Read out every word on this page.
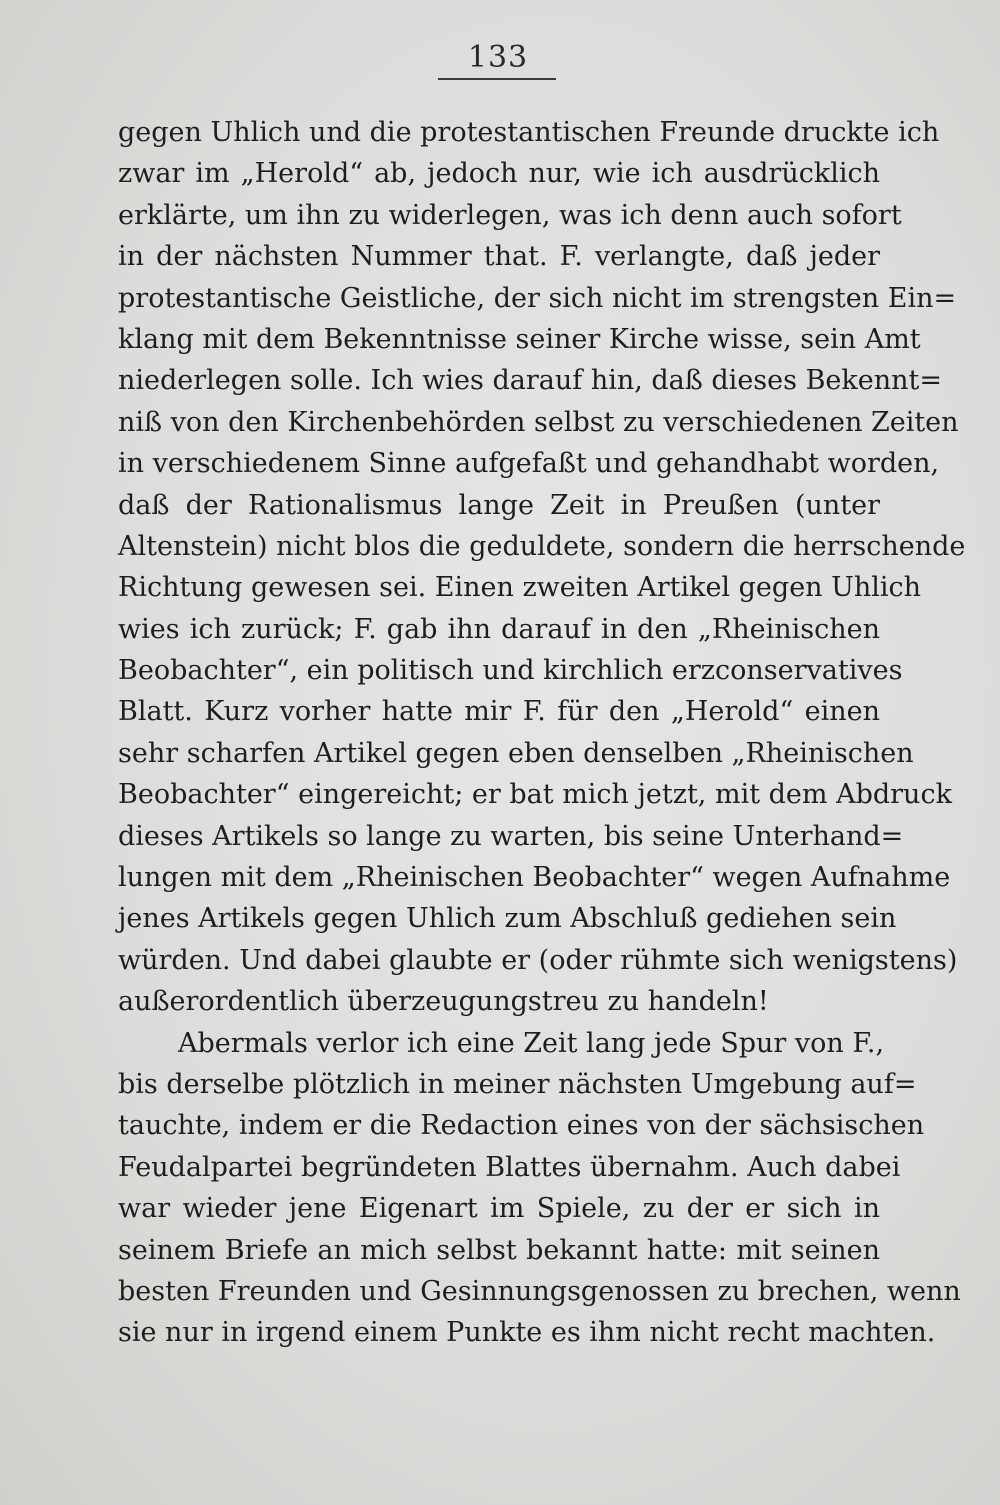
133
gegen Uhlich und die protestantischen Freunde druckte ich
zwar im „Herold“ ab, jedoch nur, wie ich ausdrücklich
erklärte, um ihn zu widerlegen, was ich denn auch sofort
in der nächsten Nummer that. F. verlangte, daß jeder
protestantische Geistliche, der sich nicht im strengsten Ein=
klang mit dem Bekenntnisse seiner Kirche wisse, sein Amt
niederlegen solle. Ich wies darauf hin, daß dieses Bekennt=
niß von den Kirchenbehörden selbst zu verschiedenen Zeiten
in verschiedenem Sinne aufgefaßt und gehandhabt worden,
daß der Rationalismus lange Zeit in Preußen (unter
Altenstein) nicht blos die geduldete, sondern die herrschende
Richtung gewesen sei. Einen zweiten Artikel gegen Uhlich
wies ich zurück; F. gab ihn darauf in den „Rheinischen
Beobachter“, ein politisch und kirchlich erzconservatives
Blatt. Kurz vorher hatte mir F. für den „Herold“ einen
sehr scharfen Artikel gegen eben denselben „Rheinischen
Beobachter“ eingereicht; er bat mich jetzt, mit dem Abdruck
dieses Artikels so lange zu warten, bis seine Unterhand=
lungen mit dem „Rheinischen Beobachter“ wegen Aufnahme
jenes Artikels gegen Uhlich zum Abschluß gediehen sein
würden. Und dabei glaubte er (oder rühmte sich wenigstens)
außerordentlich überzeugungstreu zu handeln!
Abermals verlor ich eine Zeit lang jede Spur von F.,
bis derselbe plötzlich in meiner nächsten Umgebung auf=
tauchte, indem er die Redaction eines von der sächsischen
Feudalpartei begründeten Blattes übernahm. Auch dabei
war wieder jene Eigenart im Spiele, zu der er sich in
seinem Briefe an mich selbst bekannt hatte: mit seinen
besten Freunden und Gesinnungsgenossen zu brechen, wenn
sie nur in irgend einem Punkte es ihm nicht recht machten.
